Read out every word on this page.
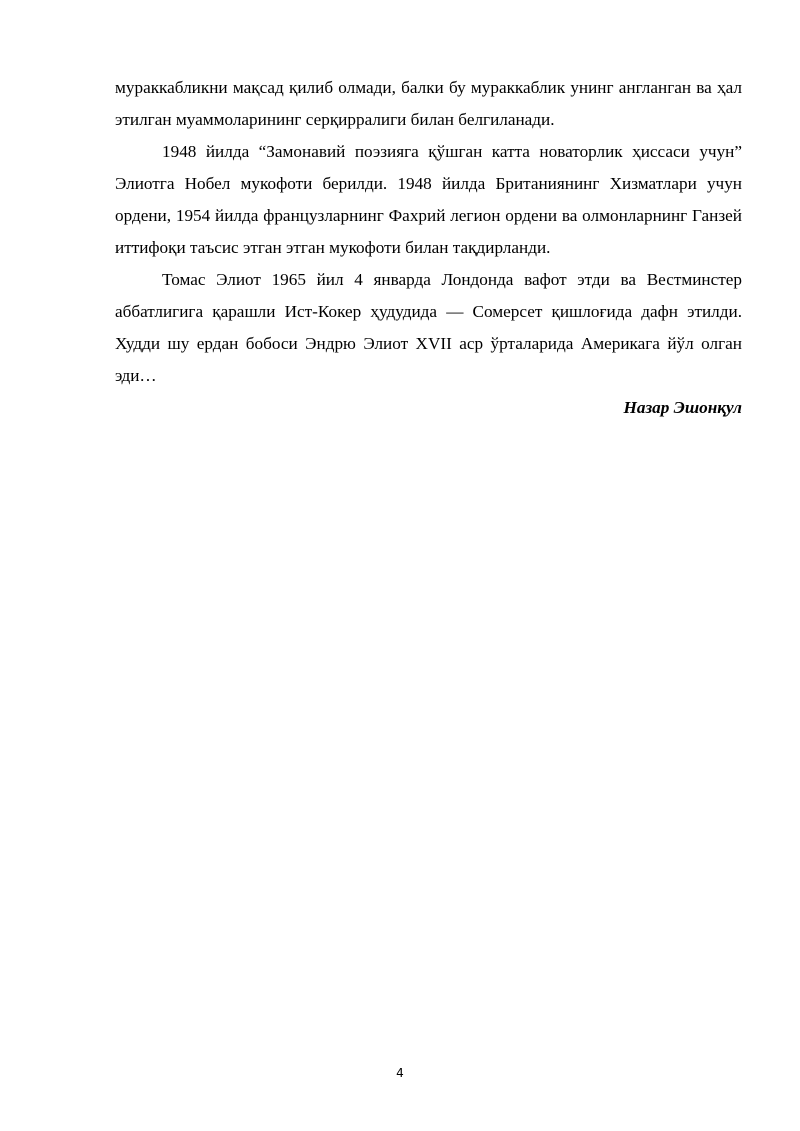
мураккабликни мақсад қилиб олмади, балки бу мураккаблик унинг англанган ва ҳал этилган муаммоларининг серқирралиги билан белгиланади.

1948 йилда “Замонавий поэзияга қўшган катта новаторлик ҳиссаси учун” Элиотга Нобел мукофоти берилди. 1948 йилда Британиянинг Хизматлари учун ордени, 1954 йилда французларнинг Фахрий легион ордени ва олмонларнинг Ганзей иттифоқи таъсис этган этган мукофоти билан тақдирланди.

Томас Элиот 1965 йил 4 январда Лондонда вафот этди ва Вестминстер аббатлигига қарашли Ист-Кокер ҳудудида — Сомерсет қишлоғида дафн этилди. Худди шу ердан бобоси Эндрю Элиот XVII аср ўрталарида Америкага йўл олган эди…

Назар Эшонқул

4
